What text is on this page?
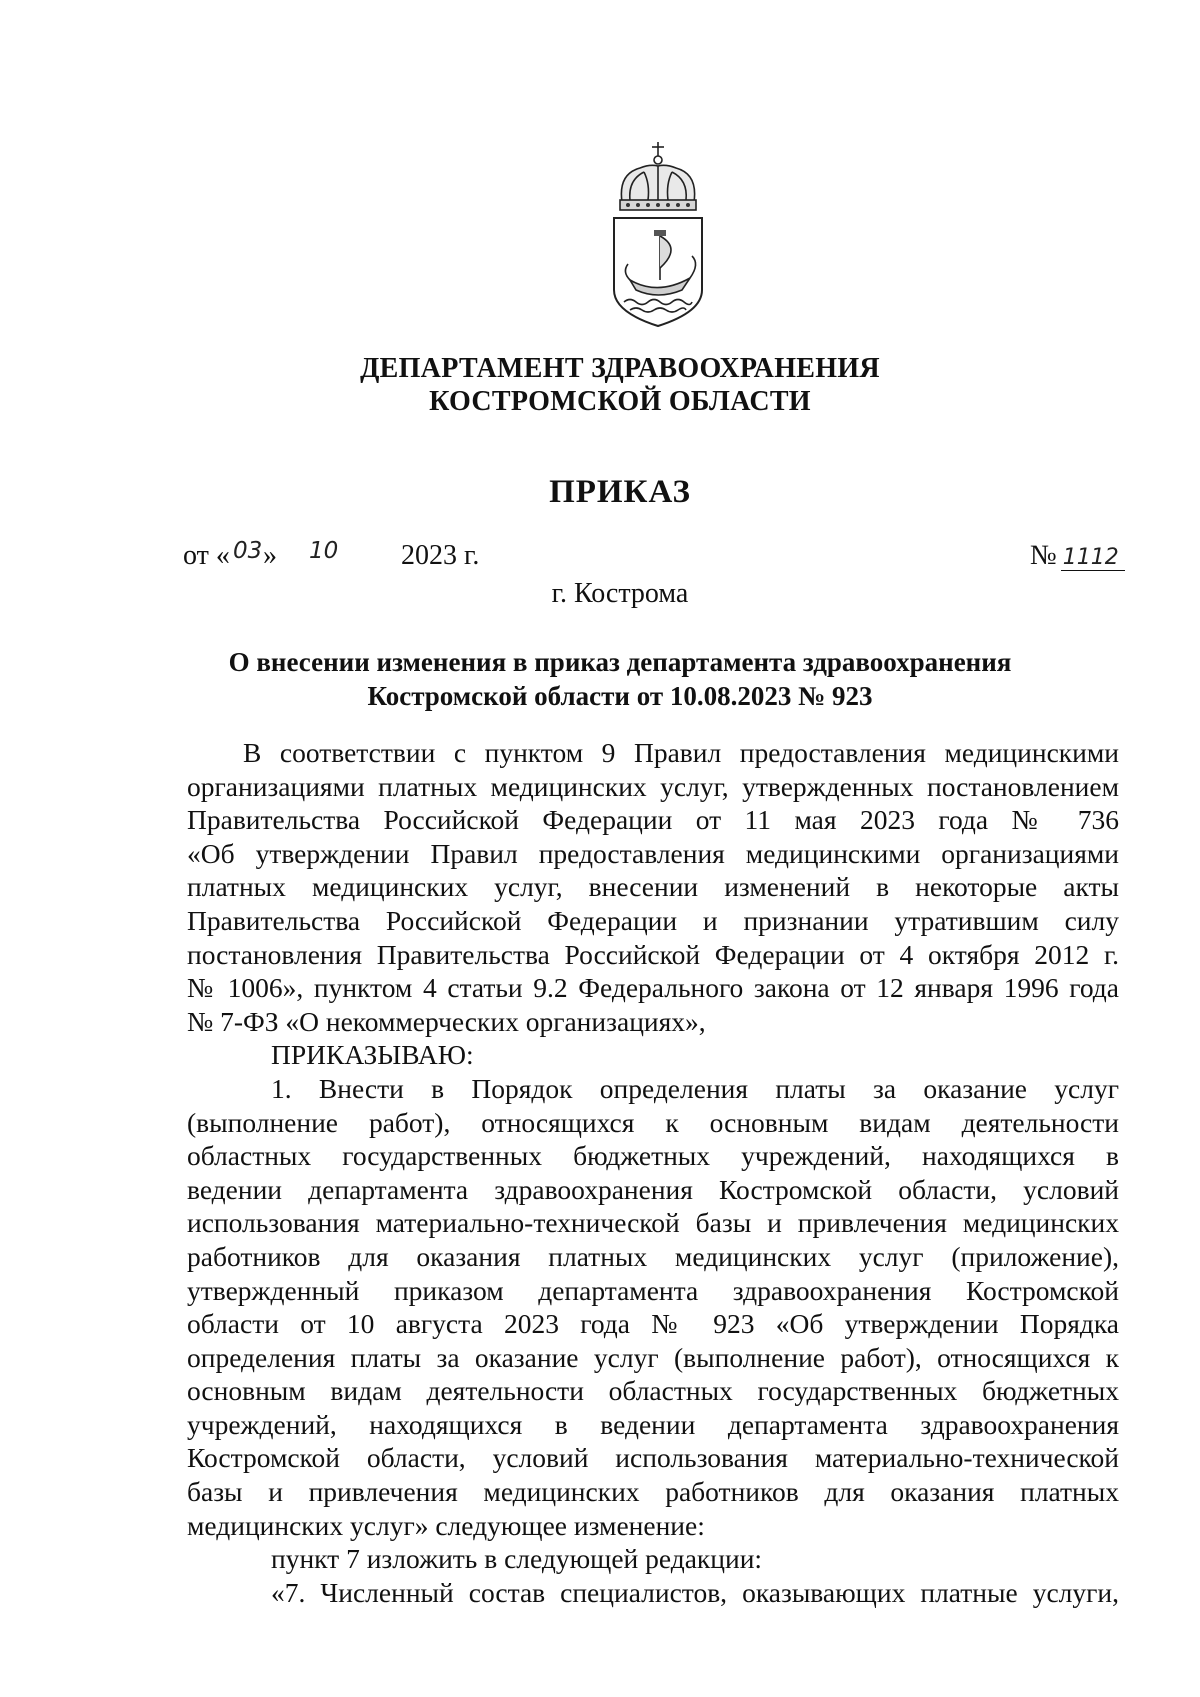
ДЕПАРТАМЕНТ ЗДРАВООХРАНЕНИЯ
КОСТРОМСКОЙ ОБЛАСТИ
ПРИКАЗ
от « 03 » 10 2023 г.	№ 1112
г. Кострома
О внесении изменения в приказ департамента здравоохранения
Костромской области от 10.08.2023 № 923
В соответствии с пунктом 9 Правил предоставления медицинскими
организациями платных медицинских услуг, утвержденных постановлением
Правительства Российской Федерации от 11 мая 2023 года № 736
«Об утверждении Правил предоставления медицинскими организациями
платных медицинских услуг, внесении изменений в некоторые акты
Правительства Российской Федерации и признании утратившим силу
постановления Правительства Российской Федерации от 4 октября 2012 г.
№ 1006», пунктом 4 статьи 9.2 Федерального закона от 12 января 1996 года
№ 7-ФЗ «О некоммерческих организациях»,
ПРИКАЗЫВАЮ:
1. Внести в Порядок определения платы за оказание услуг
(выполнение работ), относящихся к основным видам деятельности
областных государственных бюджетных учреждений, находящихся в
ведении департамента здравоохранения Костромской области, условий
использования материально-технической базы и привлечения медицинских
работников для оказания платных медицинских услуг (приложение),
утвержденный приказом департамента здравоохранения Костромской
области от 10 августа 2023 года № 923 «Об утверждении Порядка
определения платы за оказание услуг (выполнение работ), относящихся к
основным видам деятельности областных государственных бюджетных
учреждений, находящихся в ведении департамента здравоохранения
Костромской области, условий использования материально-технической
базы и привлечения медицинских работников для оказания платных
медицинских услуг» следующее изменение:
пункт 7 изложить в следующей редакции:
«7. Численный состав специалистов, оказывающих платные услуги,
